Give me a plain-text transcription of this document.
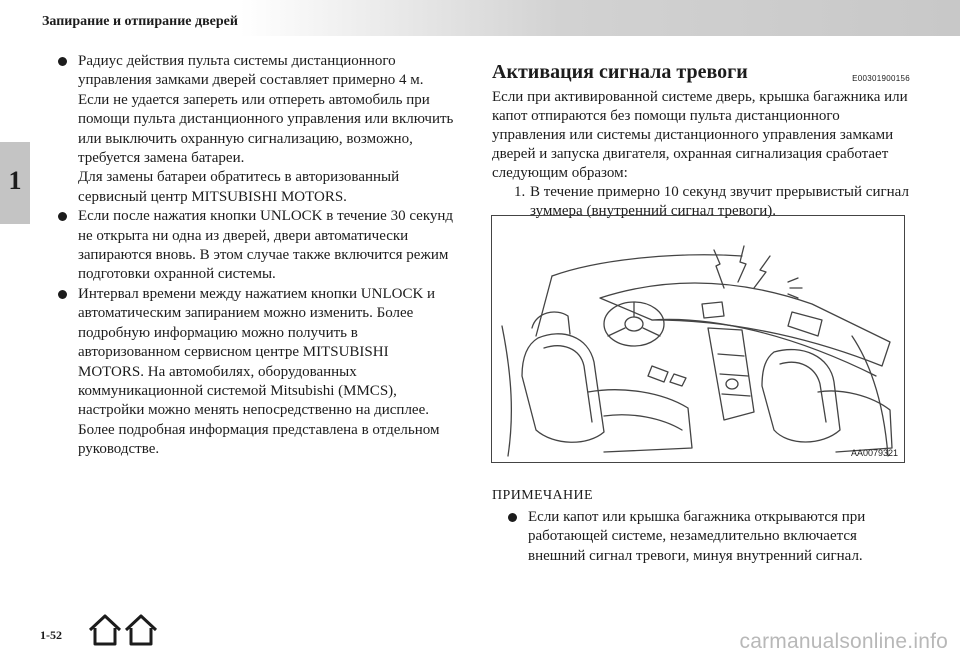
Запирание и отпирание дверей
1

Радиус действия пульта системы дистанционного управления замками дверей составляет примерно 4 м.

Если не удается запереть или отпереть автомобиль при помощи пульта дистанционного управления или включить или выключить охранную сигнализацию, возможно, требуется замена батареи.

Для замены батареи обратитесь в авторизованный сервисный центр MITSUBISHI MOTORS.

Если после нажатия кнопки UNLOCK в течение 30 секунд не открыта ни одна из дверей, двери автоматически запираются вновь. В этом случае также включится режим подготовки охранной системы.

Интервал времени между нажатием кнопки UNLOCK и автоматическим запиранием можно изменить. Более подробную информацию можно получить в авторизованном сервисном центре MITSUBISHI MOTORS. На автомобилях, оборудованных коммуникационной системой Mitsubishi (MMCS), настройки можно менять непосредственно на дисплее. Более подробная информация представлена в отдельном руководстве.

Активация сигнала тревоги	E00301900156

Если при активированной системе дверь, крышка багажника или капот отпираются без помощи пульта дистанционного управления или системы дистанционного управления замками дверей и запуска двигателя, охранная сигнализация сработает следующим образом:

1. В течение примерно 10 секунд звучит прерывистый сигнал зуммера (внутренний сигнал тревоги).
AA0079321

ПРИМЕЧАНИЕ

Если капот или крышка багажника открываются при работающей системе, незамедлительно включается внешний сигнал тревоги, минуя внутренний сигнал.

1-52	carmanualsonline.info
